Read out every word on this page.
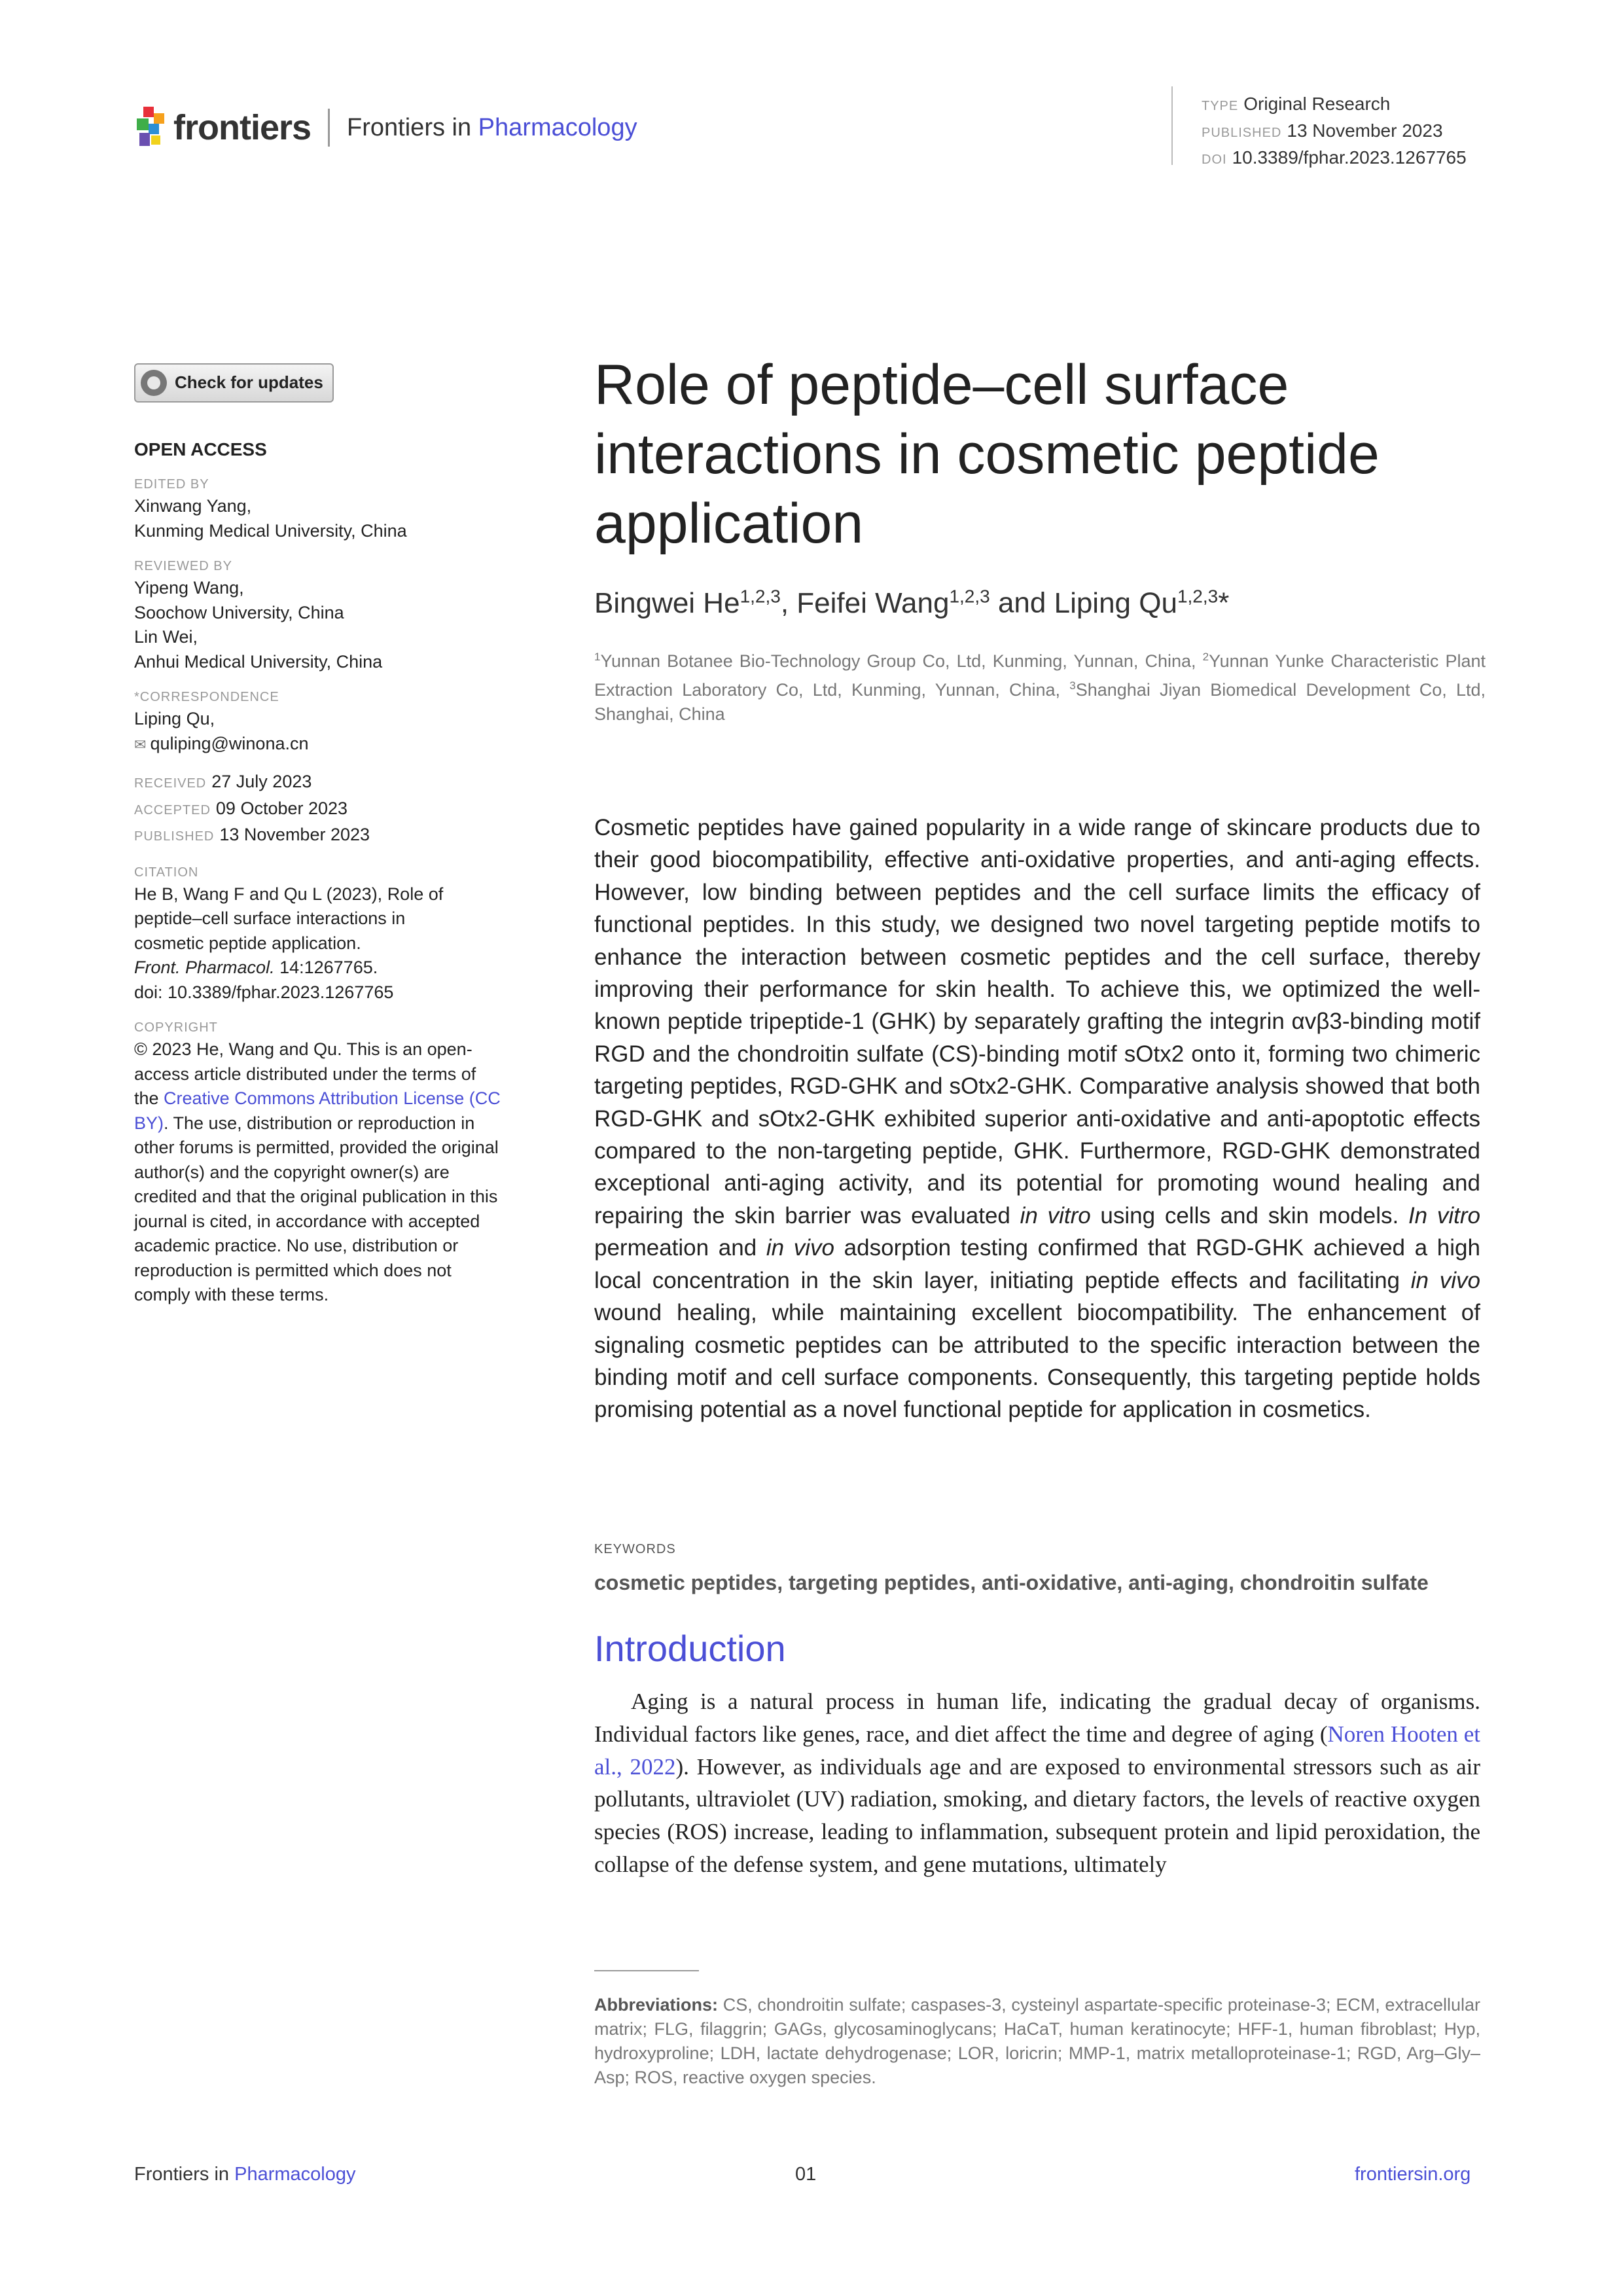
frontiers Frontiers in Pharmacology
TYPE Original Research
PUBLISHED 13 November 2023
DOI 10.3389/fphar.2023.1267765
Check for updates
OPEN ACCESS
EDITED BY
Xinwang Yang,
Kunming Medical University, China
REVIEWED BY
Yipeng Wang,
Soochow University, China
Lin Wei,
Anhui Medical University, China
*CORRESPONDENCE
Liping Qu,
✉ quliping@winona.cn
RECEIVED 27 July 2023
ACCEPTED 09 October 2023
PUBLISHED 13 November 2023
CITATION
He B, Wang F and Qu L (2023), Role of
peptide–cell surface interactions in
cosmetic peptide application.
Front. Pharmacol. 14:1267765.
doi: 10.3389/fphar.2023.1267765
COPYRIGHT
© 2023 He, Wang and Qu. This is an open-access article distributed under the terms of the Creative Commons Attribution License (CC BY). The use, distribution or reproduction in other forums is permitted, provided the original author(s) and the copyright owner(s) are credited and that the original publication in this journal is cited, in accordance with accepted academic practice. No use, distribution or reproduction is permitted which does not comply with these terms.
Role of peptide–cell surface interactions in cosmetic peptide application
Bingwei He$^{1,2,3}$, Feifei Wang$^{1,2,3}$ and Liping Qu$^{1,2,3}$*
$^1$Yunnan Botanee Bio-Technology Group Co, Ltd, Kunming, Yunnan, China, $^2$Yunnan Yunke Characteristic Plant Extraction Laboratory Co, Ltd, Kunming, Yunnan, China, $^3$Shanghai Jiyan Biomedical Development Co, Ltd, Shanghai, China
Cosmetic peptides have gained popularity in a wide range of skincare products due to their good biocompatibility, effective anti-oxidative properties, and anti-aging effects. However, low binding between peptides and the cell surface limits the efficacy of functional peptides. In this study, we designed two novel targeting peptide motifs to enhance the interaction between cosmetic peptides and the cell surface, thereby improving their performance for skin health. To achieve this, we optimized the well-known peptide tripeptide-1 (GHK) by separately grafting the integrin αvβ3-binding motif RGD and the chondroitin sulfate (CS)-binding motif sOtx2 onto it, forming two chimeric targeting peptides, RGD-GHK and sOtx2-GHK. Comparative analysis showed that both RGD-GHK and sOtx2-GHK exhibited superior anti-oxidative and anti-apoptotic effects compared to the non-targeting peptide, GHK. Furthermore, RGD-GHK demonstrated exceptional anti-aging activity, and its potential for promoting wound healing and repairing the skin barrier was evaluated in vitro using cells and skin models. In vitro permeation and in vivo adsorption testing confirmed that RGD-GHK achieved a high local concentration in the skin layer, initiating peptide effects and facilitating in vivo wound healing, while maintaining excellent biocompatibility. The enhancement of signaling cosmetic peptides can be attributed to the specific interaction between the binding motif and cell surface components. Consequently, this targeting peptide holds promising potential as a novel functional peptide for application in cosmetics.
KEYWORDS
cosmetic peptides, targeting peptides, anti-oxidative, anti-aging, chondroitin sulfate
Introduction

Aging is a natural process in human life, indicating the gradual decay of organisms. Individual factors like genes, race, and diet affect the time and degree of aging (Noren Hooten et al., 2022). However, as individuals age and are exposed to environmental stressors such as air pollutants, ultraviolet (UV) radiation, smoking, and dietary factors, the levels of reactive oxygen species (ROS) increase, leading to inflammation, subsequent protein and lipid peroxidation, the collapse of the defense system, and gene mutations, ultimately

Abbreviations: CS, chondroitin sulfate; caspases-3, cysteinyl aspartate-specific proteinase-3; ECM, extracellular matrix; FLG, filaggrin; GAGs, glycosaminoglycans; HaCaT, human keratinocyte; HFF-1, human fibroblast; Hyp, hydroxyproline; LDH, lactate dehydrogenase; LOR, loricrin; MMP-1, matrix metalloproteinase-1; RGD, Arg–Gly–Asp; ROS, reactive oxygen species.
Frontiers in Pharmacology	01	frontiersin.org
